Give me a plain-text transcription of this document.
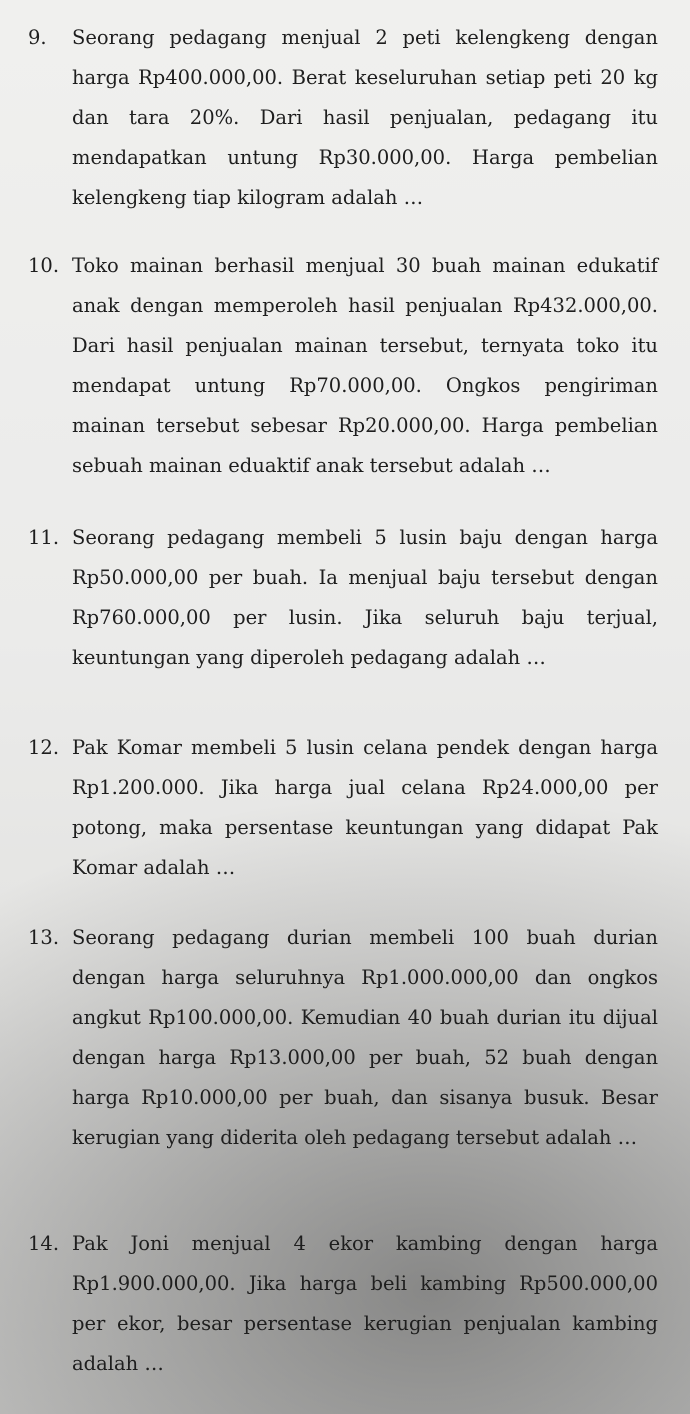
9.	Seorang pedagang menjual 2 peti kelengkeng dengan harga Rp400.000,00. Berat keseluruhan setiap peti 20 kg dan tara 20%. Dari hasil penjualan, pedagang itu mendapatkan untung Rp30.000,00. Harga pembelian kelengkeng tiap kilogram adalah …
10. Toko mainan berhasil menjual 30 buah mainan edukatif anak dengan memperoleh hasil penjualan Rp432.000,00. Dari hasil penjualan mainan tersebut, ternyata toko itu mendapat untung Rp70.000,00. Ongkos pengiriman mainan tersebut sebesar Rp20.000,00. Harga pembelian sebuah mainan eduaktif anak tersebut adalah …
11. Seorang pedagang membeli 5 lusin baju dengan harga Rp50.000,00 per buah. Ia menjual baju tersebut dengan Rp760.000,00 per lusin. Jika seluruh baju terjual, keuntungan yang diperoleh pedagang adalah …
12. Pak Komar membeli 5 lusin celana pendek dengan harga Rp1.200.000. Jika harga jual celana Rp24.000,00 per potong, maka persentase keuntungan yang didapat Pak Komar adalah …
13. Seorang pedagang durian membeli 100 buah durian dengan harga seluruhnya Rp1.000.000,00 dan ongkos angkut Rp100.000,00. Kemudian 40 buah durian itu dijual dengan harga Rp13.000,00 per buah, 52 buah dengan harga Rp10.000,00 per buah, dan sisanya busuk. Besar kerugian yang diderita oleh pedagang tersebut adalah …
14. Pak Joni menjual 4 ekor kambing dengan harga Rp1.900.000,00. Jika harga beli kambing Rp500.000,00 per ekor, besar persentase kerugian penjualan kambing adalah …
